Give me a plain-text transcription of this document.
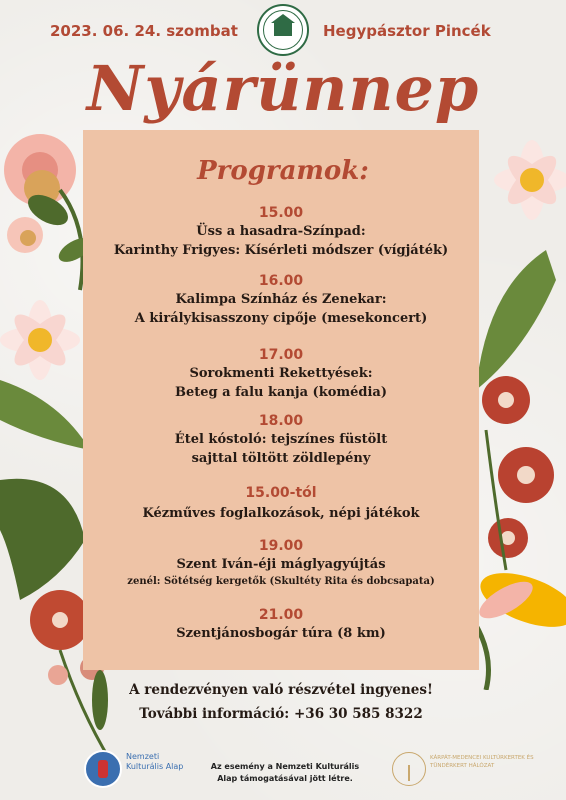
2023. 06. 24. szombat	Hegypásztor Pincék
Nyárünnep
Programok:
15.00
Üss a hasadra-Színpad:
Karinthy Frigyes: Kísérleti módszer (vígjáték)
16.00
Kalimpa Színház és Zenekar:
A királykisasszony cipője (mesekoncert)
17.00
Sorokmenti Rekettyések:
Beteg a falu kanja (komédia)
18.00
Étel kóstoló: tejszínes füstölt
sajttal töltött zöldlepény
15.00-tól
Kézműves foglalkozások, népi játékok
19.00
Szent Iván-éji máglyagyújtás
zenél: Sötétség kergetők (Skultéty Rita és dobcsapata)
21.00
Szentjánosbogár túra (8 km)
A rendezvényen való részvétel ingyenes!
További információ: +36 30 585 8322
Nemzeti Kulturális Alap	Az esemény a Nemzeti Kulturális Alap támogatásával jött létre.
KÁRPÁT-MEDENCEI KULTÚRKERTEK ÉS TÜNDÉRKERT HÁLÓZAT
